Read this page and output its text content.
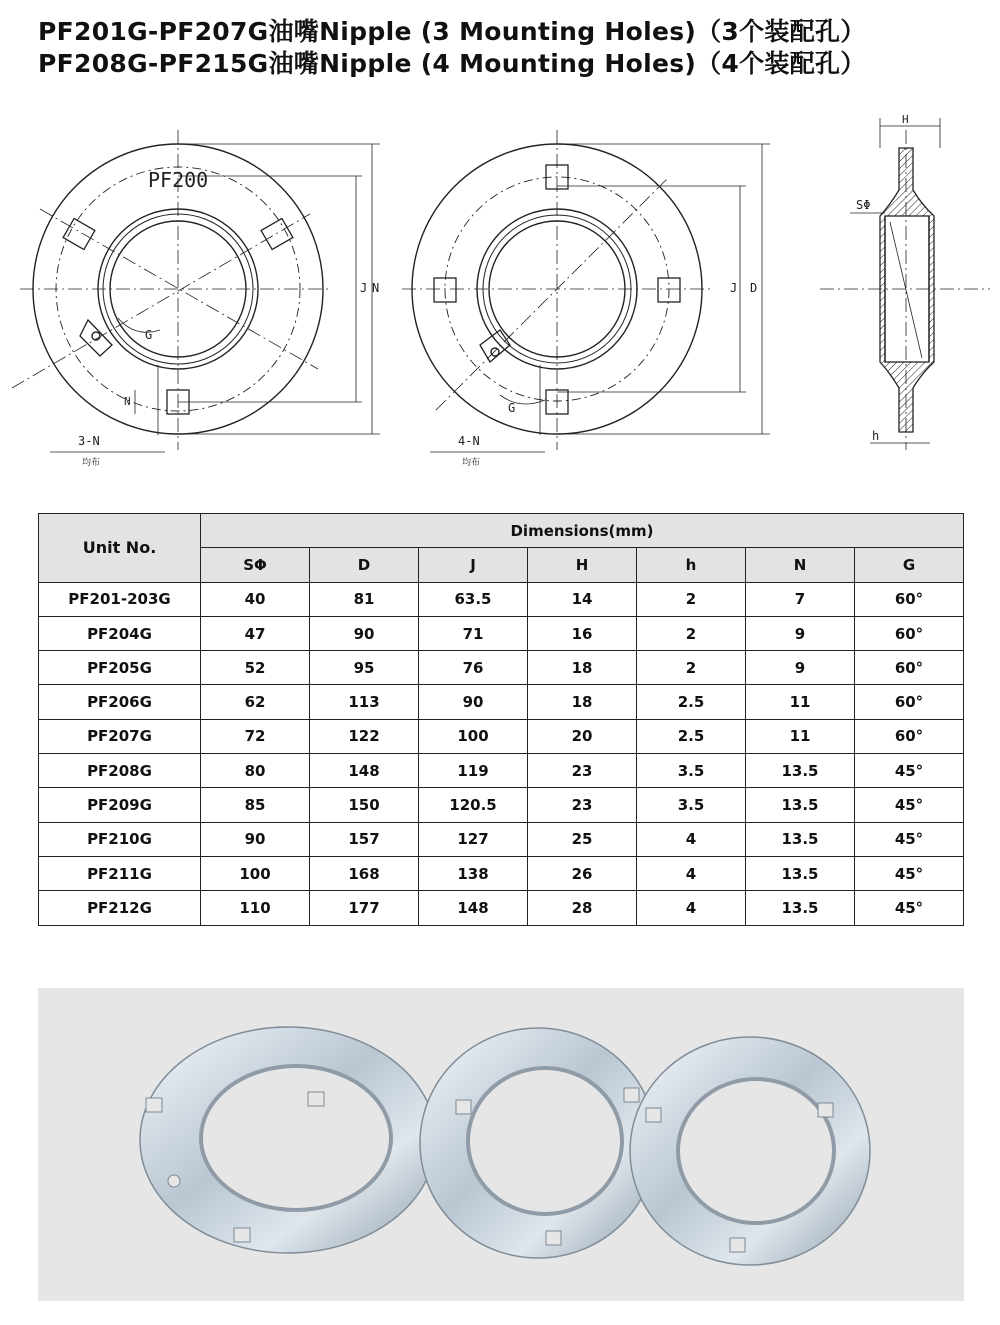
PF201G-PF207G油嘴Nipple (3 Mounting Holes)（3个装配孔）
PF208G-PF215G油嘴Nipple (4 Mounting Holes)（4个装配孔）
PF200
G
J
N
3-N
均布
G
J D
N
4-N
均布
H
SΦ
h
Unit No.	Dimensions(mm)						
	SΦ	D	J	H	h	N	G
PF201-203G	40	81	63.5	14	2	7	60°
PF204G	47	90	71	16	2	9	60°
PF205G	52	95	76	18	2	9	60°
PF206G	62	113	90	18	2.5	11	60°
PF207G	72	122	100	20	2.5	11	60°
PF208G	80	148	119	23	3.5	13.5	45°
PF209G	85	150	120.5	23	3.5	13.5	45°
PF210G	90	157	127	25	4	13.5	45°
PF211G	100	168	138	26	4	13.5	45°
PF212G	110	177	148	28	4	13.5	45°
